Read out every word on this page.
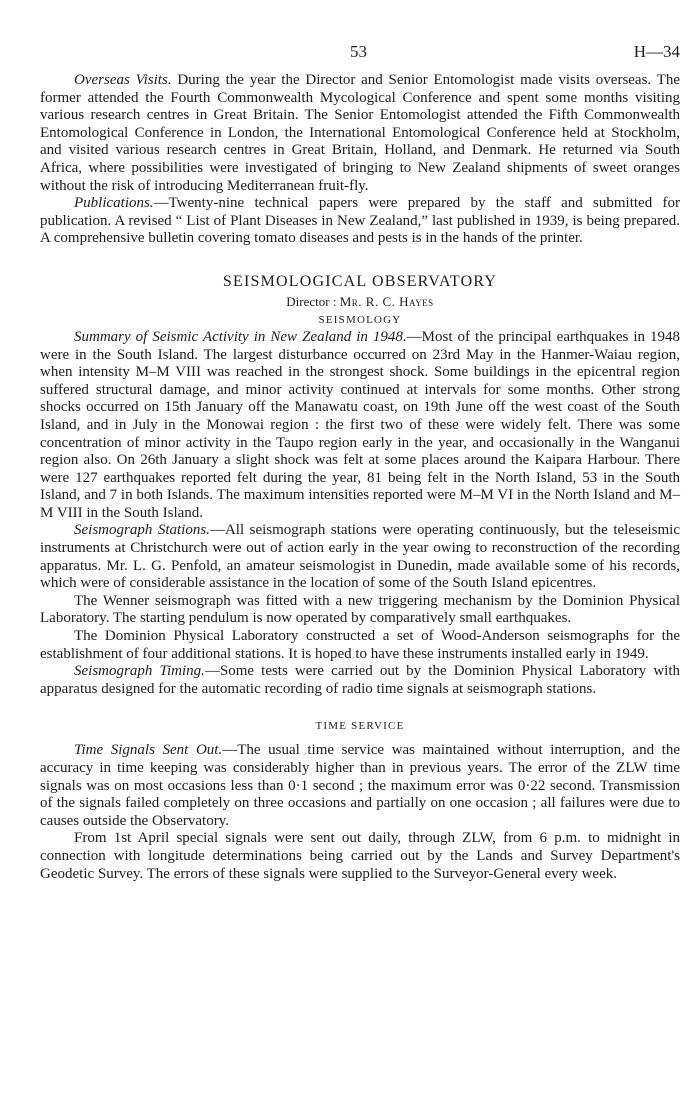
53	H—34

Overseas Visits. During the year the Director and Senior Entomologist made visits overseas. The former attended the Fourth Commonwealth Mycological Conference and spent some months visiting various research centres in Great Britain. The Senior Entomologist attended the Fifth Commonwealth Entomological Conference in London, the International Entomological Conference held at Stockholm, and visited various research centres in Great Britain, Holland, and Denmark. He returned via South Africa, where possibilities were investigated of bringing to New Zealand shipments of sweet oranges without the risk of introducing Mediterranean fruit-fly.

Publications.—Twenty-nine technical papers were prepared by the staff and submitted for publication. A revised “ List of Plant Diseases in New Zealand,” last published in 1939, is being prepared. A comprehensive bulletin covering tomato diseases and pests is in the hands of the printer.

SEISMOLOGICAL OBSERVATORY
Director : Mr. R. C. Hayes
SEISMOLOGY

Summary of Seismic Activity in New Zealand in 1948.—Most of the principal earthquakes in 1948 were in the South Island. The largest disturbance occurred on 23rd May in the Hanmer-Waiau region, when intensity M–M VIII was reached in the strongest shock. Some buildings in the epicentral region suffered structural damage, and minor activity continued at intervals for some months. Other strong shocks occurred on 15th January off the Manawatu coast, on 19th June off the west coast of the South Island, and in July in the Monowai region : the first two of these were widely felt. There was some concentration of minor activity in the Taupo region early in the year, and occasionally in the Wanganui region also. On 26th January a slight shock was felt at some places around the Kaipara Harbour. There were 127 earthquakes reported felt during the year, 81 being felt in the North Island, 53 in the South Island, and 7 in both Islands. The maximum intensities reported were M–M VI in the North Island and M–M VIII in the South Island.

Seismograph Stations.—All seismograph stations were operating continuously, but the teleseismic instruments at Christchurch were out of action early in the year owing to reconstruction of the recording apparatus. Mr. L. G. Penfold, an amateur seismologist in Dunedin, made available some of his records, which were of considerable assistance in the location of some of the South Island epicentres.

The Wenner seismograph was fitted with a new triggering mechanism by the Dominion Physical Laboratory. The starting pendulum is now operated by comparatively small earthquakes.

The Dominion Physical Laboratory constructed a set of Wood-Anderson seismographs for the establishment of four additional stations. It is hoped to have these instruments installed early in 1949.

Seismograph Timing.—Some tests were carried out by the Dominion Physical Laboratory with apparatus designed for the automatic recording of radio time signals at seismograph stations.

TIME SERVICE

Time Signals Sent Out.—The usual time service was maintained without interruption, and the accuracy in time keeping was considerably higher than in previous years. The error of the ZLW time signals was on most occasions less than 0·1 second ; the maximum error was 0·22 second. Transmission of the signals failed completely on three occasions and partially on one occasion ; all failures were due to causes outside the Observatory.

From 1st April special signals were sent out daily, through ZLW, from 6 p.m. to midnight in connection with longitude determinations being carried out by the Lands and Survey Department's Geodetic Survey. The errors of these signals were supplied to the Surveyor-General every week.
